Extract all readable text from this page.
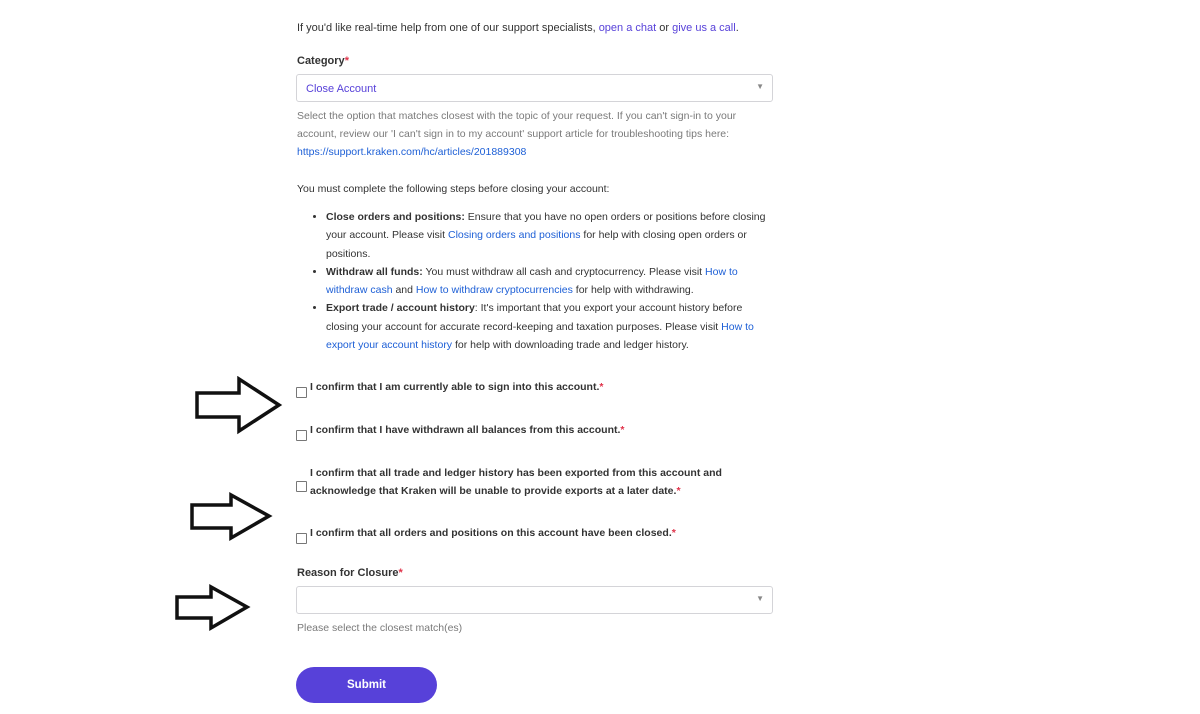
If you'd like real-time help from one of our support specialists, open a chat or give us a call.
Category*
Close Account	▼
Select the option that matches closest with the topic of your request. If you can't sign-in to your account, review our 'I can't sign in to my account' support article for troubleshooting tips here:
https://support.kraken.com/hc/articles/201889308
You must complete the following steps before closing your account:
• Close orders and positions: Ensure that you have no open orders or positions before closing your account. Please visit Closing orders and positions for help with closing open orders or positions.
• Withdraw all funds: You must withdraw all cash and cryptocurrency. Please visit How to withdraw cash and How to withdraw cryptocurrencies for help with withdrawing.
• Export trade / account history: It's important that you export your account history before closing your account for accurate record-keeping and taxation purposes. Please visit How to export your account history for help with downloading trade and ledger history.
I confirm that I am currently able to sign into this account.*
I confirm that I have withdrawn all balances from this account.*
I confirm that all trade and ledger history has been exported from this account and acknowledge that Kraken will be unable to provide exports at a later date.*
I confirm that all orders and positions on this account have been closed.*
Reason for Closure*
▼
Please select the closest match(es)
Submit
